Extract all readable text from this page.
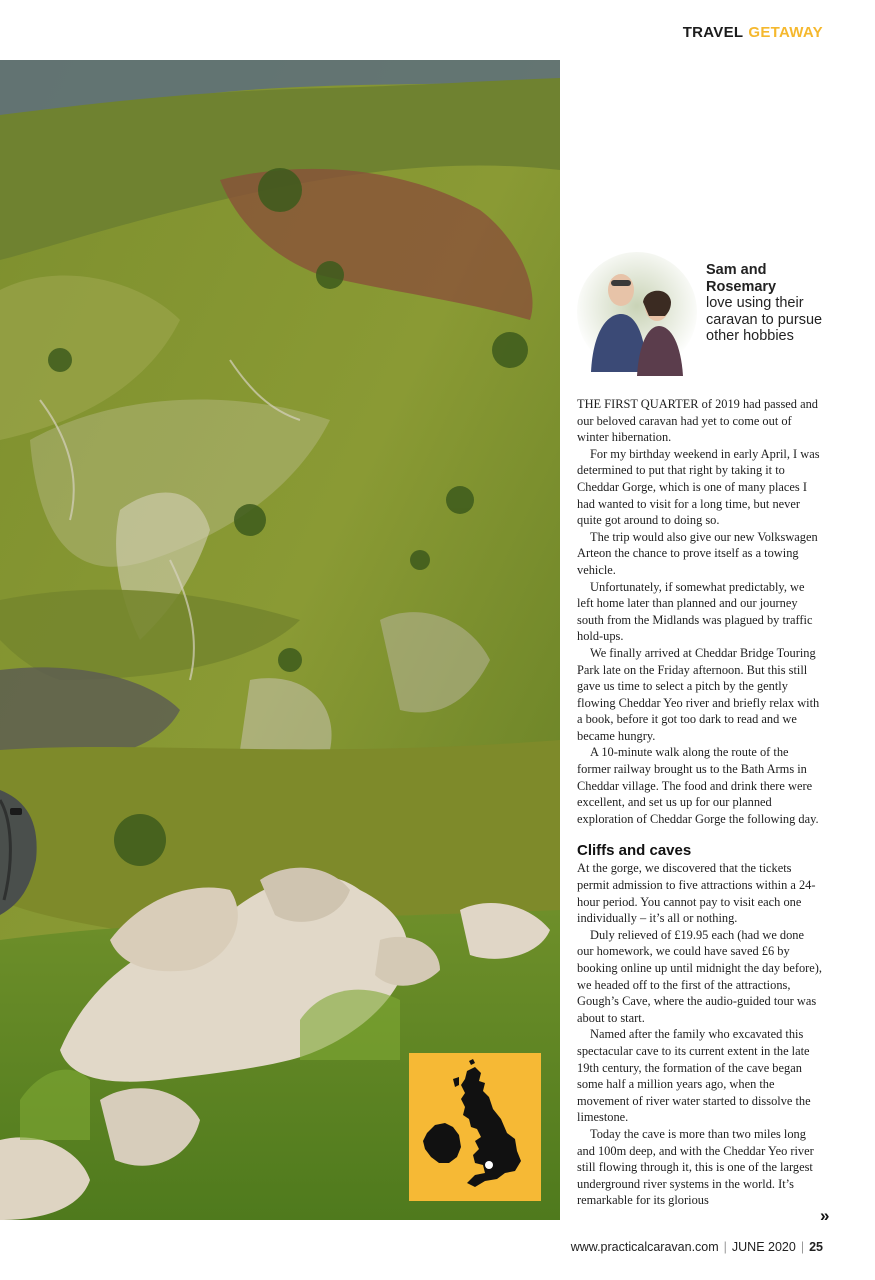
TRAVEL GETAWAY
Sam and Rosemary
love using their caravan to pursue other hobbies

THE FIRST QUARTER of 2019 had passed and our beloved caravan had yet to come out of winter hibernation.

For my birthday weekend in early April, I was determined to put that right by taking it to Cheddar Gorge, which is one of many places I had wanted to visit for a long time, but never quite got around to doing so.

The trip would also give our new Volkswagen Arteon the chance to prove itself as a towing vehicle.

Unfortunately, if somewhat predictably, we left home later than planned and our journey south from the Midlands was plagued by traffic hold-ups.

We finally arrived at Cheddar Bridge Touring Park late on the Friday afternoon. But this still gave us time to select a pitch by the gently flowing Cheddar Yeo river and briefly relax with a book, before it got too dark to read and we became hungry.

A 10-minute walk along the route of the former railway brought us to the Bath Arms in Cheddar village. The food and drink there were excellent, and set us up for our planned exploration of Cheddar Gorge the following day.

Cliffs and caves

At the gorge, we discovered that the tickets permit admission to five attractions within a 24-hour period. You cannot pay to visit each one individually – it’s all or nothing.

Duly relieved of £19.95 each (had we done our homework, we could have saved £6 by booking online up until midnight the day before), we headed off to the first of the attractions, Gough’s Cave, where the audio-guided tour was about to start.

Named after the family who excavated this spectacular cave to its current extent in the late 19th century, the formation of the cave began some half a million years ago, when the movement of river water started to dissolve the limestone.

Today the cave is more than two miles long and 100m deep, and with the Cheddar Yeo river still flowing through it, this is one of the largest underground river systems in the world. It’s remarkable for its glorious

»
www.practicalcaravan.com | JUNE 2020 | 25
